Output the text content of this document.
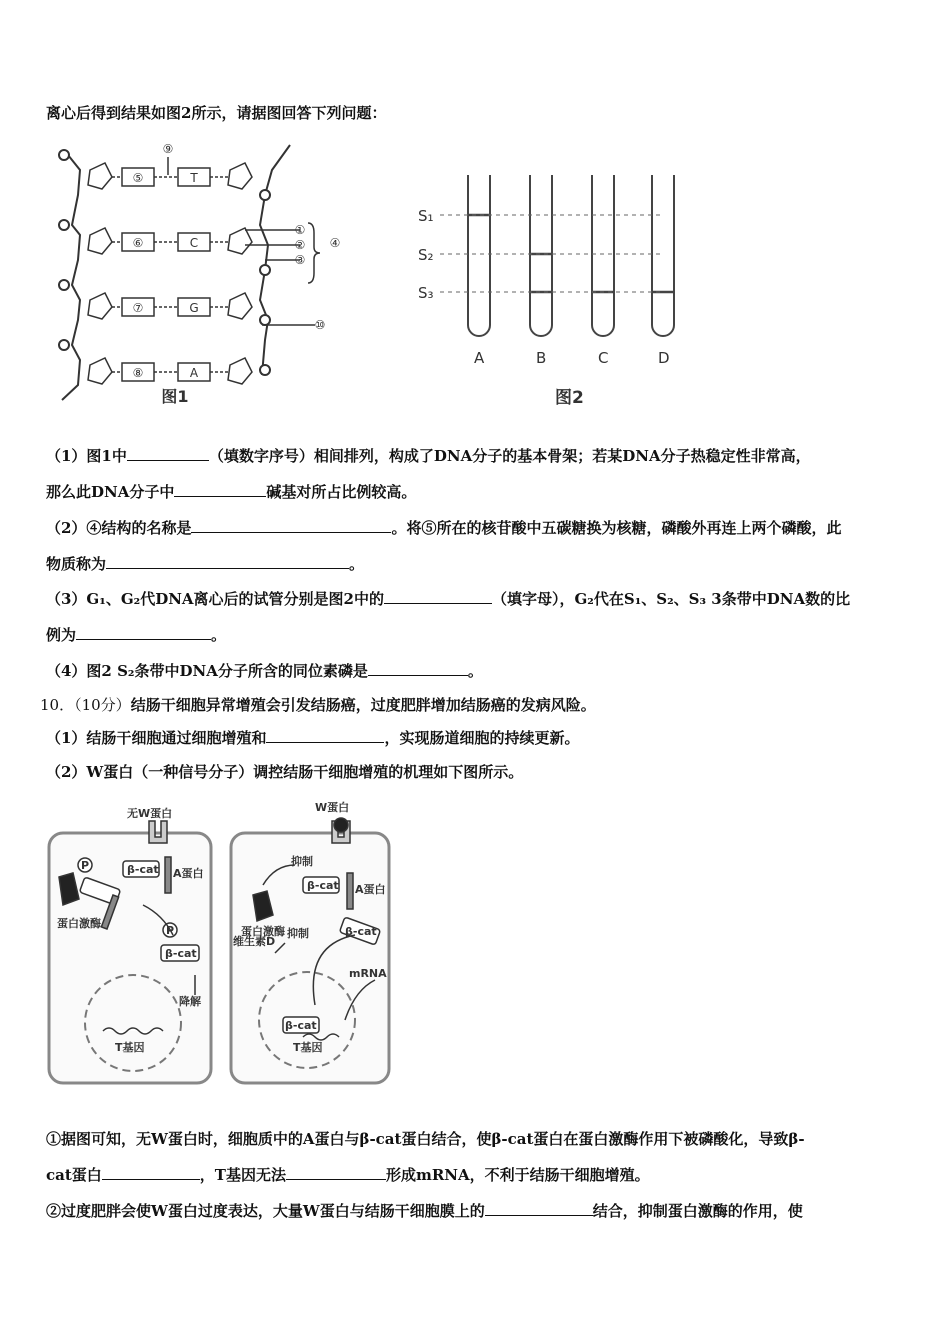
离心后得到结果如图2所示，请据图回答下列问题：
⑤	T
⑥	C
⑦	G
⑧	A
⑨
①
②
③
④
⑩
图1
S₁
S₂
S₃
A	B	C	D
图2
（1）图1中	（填数字序号）相间排列，构成了DNA分子的基本骨架；若某DNA分子热稳定性非常高，
那么此DNA分子中	碱基对所占比例较高。
（2）④结构的名称是	。将⑤所在的核苷酸中五碳糖换为核糖，磷酸外再连上两个磷酸，此
物质称为	。
（3）G₁、G₂代DNA离心后的试管分别是图2中的	（填字母），G₂代在S₁、S₂、S₃ 3条带中DNA数的比
例为	。
（4）图2 S₂条带中DNA分子所含的同位素磷是	。
10．（10分）结肠干细胞异常增殖会引发结肠癌，过度肥胖增加结肠癌的发病风险。
（1）结肠干细胞通过细胞增殖和	，实现肠道细胞的持续更新。
（2）W蛋白（一种信号分子）调控结肠干细胞增殖的机理如下图所示。
无W蛋白
β-cat A蛋白
蛋白激酶
P
P
β-cat
降解
T基因
W蛋白
抑制
β-cat A蛋白
蛋白激酶
维生素D
抑制	β-cat
mRNA
β-cat
T基因
①据图可知，无W蛋白时，细胞质中的A蛋白与β-cat蛋白结合，使β-cat蛋白在蛋白激酶作用下被磷酸化，导致β-
cat蛋白	，T基因无法	形成mRNA，不利于结肠干细胞增殖。
②过度肥胖会使W蛋白过度表达，大量W蛋白与结肠干细胞膜上的	结合，抑制蛋白激酶的作用，使
